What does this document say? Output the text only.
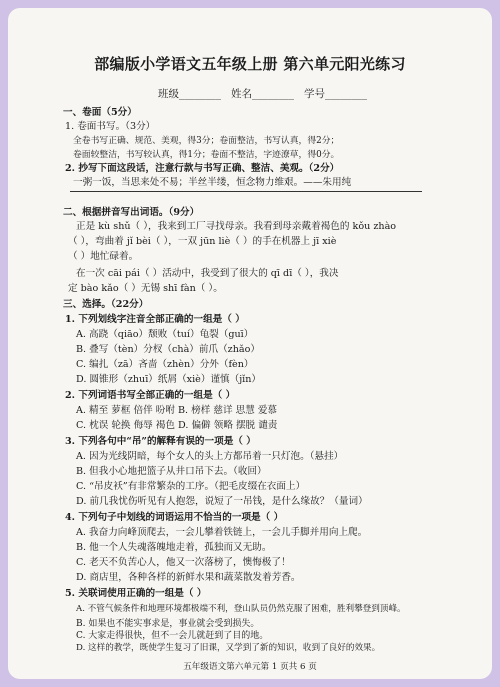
部编版小学语文五年级上册 第六单元阳光练习
班级________ 姓名________ 学号________
一、卷面（5分）
1. 卷面书写。（3分）
全卷书写正确、规范、美观，得3分；卷面整洁，书写认真，得2分；
卷面较整洁，书写较认真，得1分；卷面不整洁，字迹潦草，得0分。
2. 抄写下面这段话，注意行款与书写正确、整洁、美观。（2分）
一粥一饭，当思来处不易；半丝半缕，恒念物力维艰。——朱用纯
二、根据拼音写出词语。（9分）
正是 kù shǔ（ ），我来到工厂寻找母亲。我看到母亲戴着褐色的 kǒu zhào
（ ），弯曲着 jǐ bèi（ ），一双 jūn liè（ ）的手在机器上 jī xiè
（ ）地忙碌着。
在一次 cāi pái（ ）活动中，我受到了很大的 qī dī（ ），我决
定 bào kǎo（ ）无锡 shī fàn（ ）。
三、选择。（22分）
1. 下列划线字注音全部正确的一组是（ ）
A. 高跷（qiāo）颓败（tuí）龟裂（guī）
B. 叠写（tèn）分杈（chà）前爪（zhǎo）
C. 编扎（zā）吝啬（zhèn）分外（fèn）
D. 圆锥形（zhuī）纸屑（xiè）谨慎（jǐn）
2. 下列词语书写全部正确的一组是（ ）
A. 精至 萝框 倍伴 吩咐 B. 榜样 慈详 思慧 爱慕
C. 枕误 轮换 侮辱 褐色 D. 偏僻 领略 摆脱 谴责
3. 下列各句中“吊”的解释有误的一项是（ ）
A. 因为光线阴暗，每个女人的头上方都吊着一只灯泡。（悬挂）
B. 但我小心地把篮子从井口吊下去。（收回）
C. “吊皮袄”有非常繁杂的工序。（把毛皮缀在衣面上）
D. 前几我忧伤听见有人抱怨，说短了一吊钱，是什么缘故？（量词）
4. 下列句子中划线的词语运用不恰当的一项是（ ）
A. 我奋力向峰顶爬去，一会儿攀着铁链上，一会儿手脚并用向上爬。
B. 他一个人失魂落魄地走着，孤独而又无助。
C. 老天不负苦心人，他又一次落榜了，懊悔极了！
D. 商店里，各种各样的新鲜水果和蔬菜散发着芳香。
5. 关联词使用正确的一组是（ ）
A. 不管气候条件和地理环境都极端不利，登山队员仍然克服了困难，胜利攀登到顶峰。
B. 如果也不能实事求是，事业就会受到损失。
C. 大家走得很快，但不一会儿就赶到了目的地。
D. 这样的教学，既使学生复习了旧课，又学到了新的知识，收到了良好的效果。
五年级语文第六单元第 1 页共 6 页
